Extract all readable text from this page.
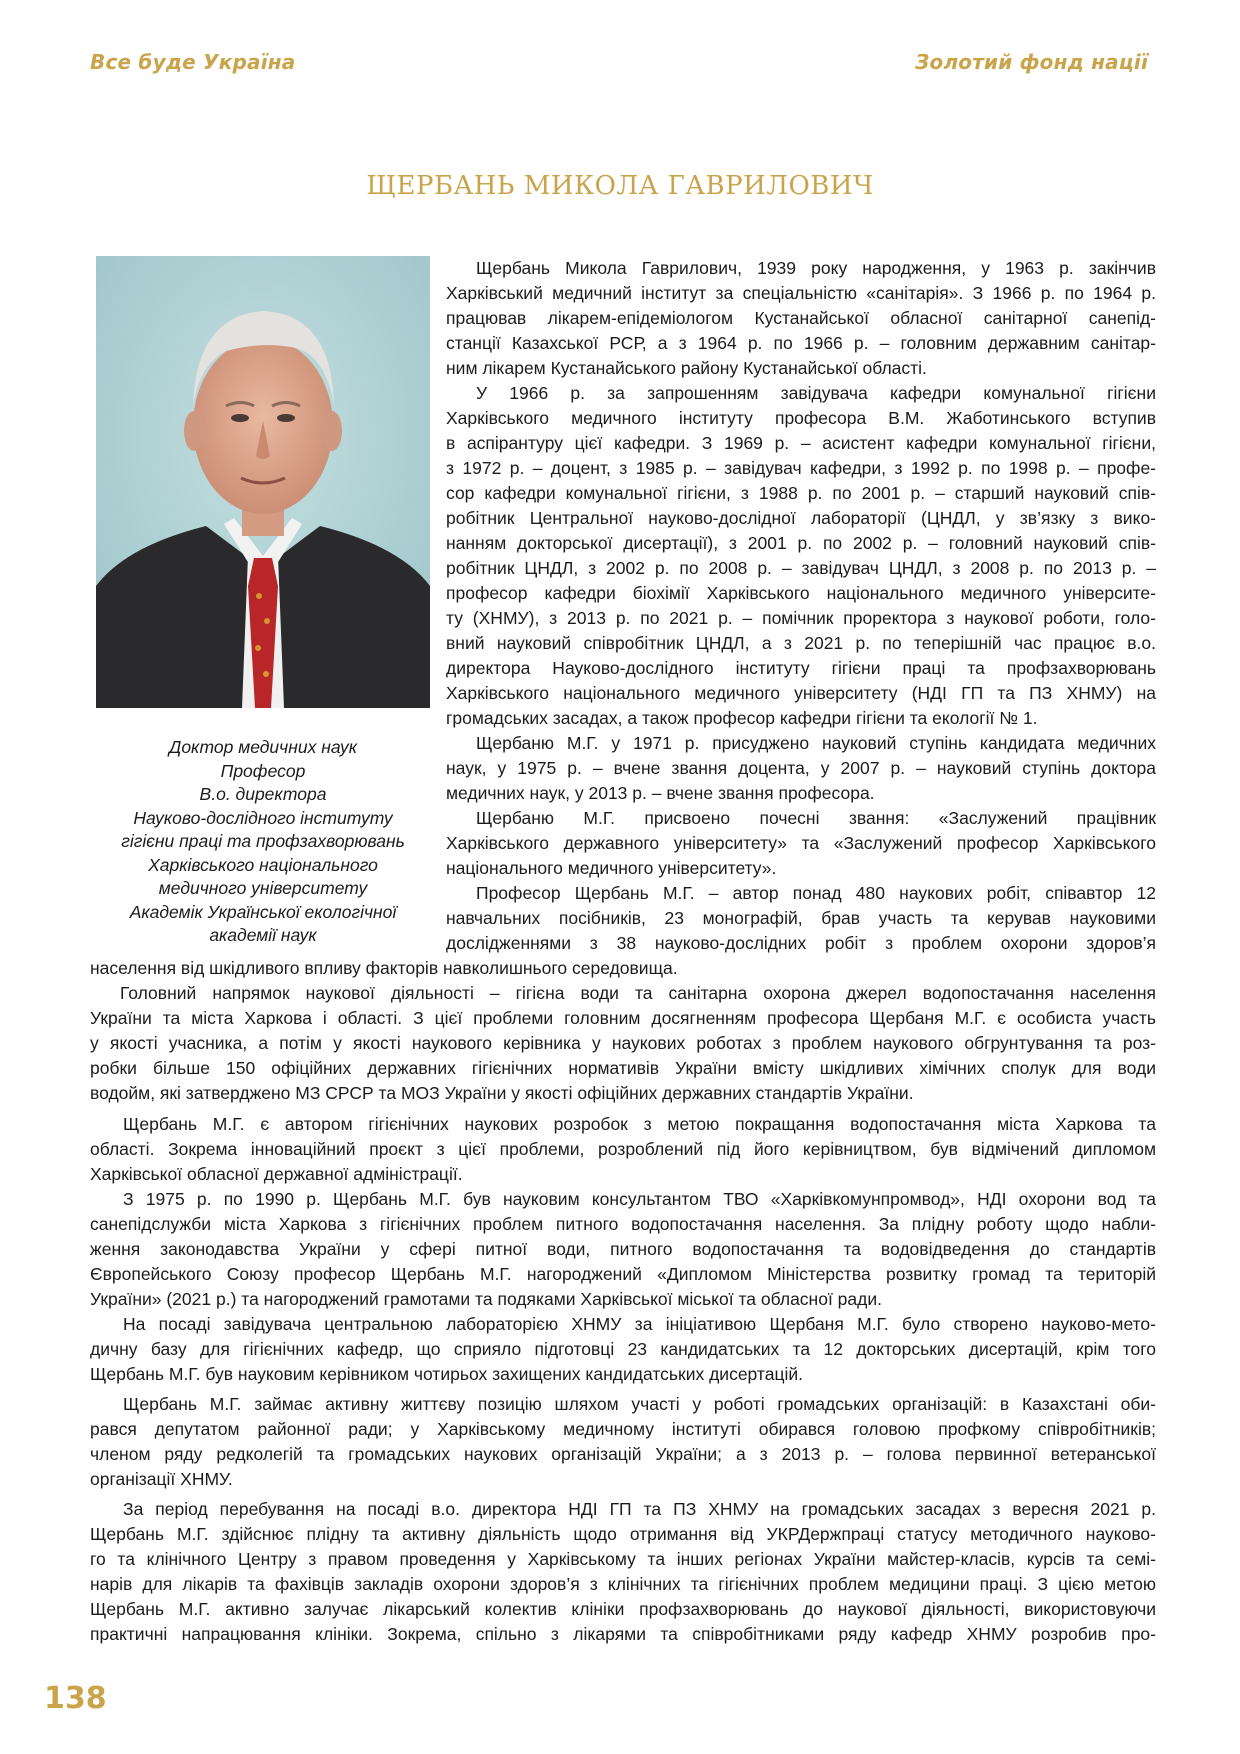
Все буде Україна	Золотий фонд нації
ЩЕРБАНЬ МИКОЛА ГАВРИЛОВИЧ
Доктор медичних наук
Професор
В.о. директора
Науково-дослідного інституту
гігієни праці та профзахворювань
Харківського національного
медичного університету
Академік Української екологічної
академії наук
Щербань Микола Гаврилович, 1939 року народження, у 1963 р. закінчив
Харківський медичний інститут за спеціальністю «санітарія». З 1966 р. по 1964 р.
працював лікарем-епідеміологом Кустанайської обласної санітарної санепід-
станції Казахської РСР, а з 1964 р. по 1966 р. – головним державним санітар-
ним лікарем Кустанайського району Кустанайської області.
У 1966 р. за запрошенням завідувача кафедри комунальної гігієни
Харківського медичного інституту професора В.М. Жаботинського вступив
в аспірантуру цієї кафедри. З 1969 р. – асистент кафедри комунальної гігієни,
з 1972 р. – доцент, з 1985 р. – завідувач кафедри, з 1992 р. по 1998 р. – профе-
сор кафедри комунальної гігієни, з 1988 р. по 2001 р. – старший науковий спів-
робітник Центральної науково-дослідної лабораторії (ЦНДЛ, у зв’язку з вико-
нанням докторської дисертації), з 2001 р. по 2002 р. – головний науковий спів-
робітник ЦНДЛ, з 2002 р. по 2008 р. – завідувач ЦНДЛ, з 2008 р. по 2013 р. –
професор кафедри біохімії Харківського національного медичного університе-
ту (ХНМУ), з 2013 р. по 2021 р. – помічник проректора з наукової роботи, голо-
вний науковий співробітник ЦНДЛ, а з 2021 р. по теперішній час працює в.о.
директора Науково-дослідного інституту гігієни праці та профзахворювань
Харківського національного медичного університету (НДІ ГП та ПЗ ХНМУ) на
громадських засадах, а також професор кафедри гігієни та екології № 1.
Щербаню М.Г. у 1971 р. присуджено науковий ступінь кандидата медичних
наук, у 1975 р. – вчене звання доцента, у 2007 р. – науковий ступінь доктора
медичних наук, у 2013 р. – вчене звання професора.
Щербаню М.Г. присвоено почесні звання: «Заслужений працівник
Харківського державного університету» та «Заслужений професор Харківського
національного медичного університету».
Професор Щербань М.Г. – автор понад 480 наукових робіт, співавтор 12
навчальних посібників, 23 монографій, брав участь та керував науковими
дослідженнями з 38 науково-дослідних робіт з проблем охорони здоров’я
населення від шкідливого впливу факторів навколишнього середовища.
Головний напрямок наукової діяльності – гігієна води та санітарна охорона джерел водопостачання населення
України та міста Харкова і області. З цієї проблеми головним досягненням професора Щербаня М.Г. є особиста участь
у якості учасника, а потім у якості наукового керівника у наукових роботах з проблем наукового обгрунтування та роз-
робки більше 150 офіційних державних гігієнічних нормативів України вмісту шкідливих хімічних сполук для води
водойм, які затверджено МЗ СРСР та МОЗ України у якості офіційних державних стандартів України.
Щербань М.Г. є автором гігієнічних наукових розробок з метою покращання водопостачання міста Харкова та
області. Зокрема інноваційний проєкт з цієї проблеми, розроблений під його керівництвом, був відмічений дипломом
Харківської обласної державної адміністрації.
З 1975 р. по 1990 р. Щербань М.Г. був науковим консультантом ТВО «Харківкомунпромвод», НДІ охорони вод та
санепідслужби міста Харкова з гігієнічних проблем питного водопостачання населення. За плідну роботу щодо набли-
ження законодавства України у сфері питної води, питного водопостачання та водовідведення до стандартів
Європейського Союзу професор Щербань М.Г. нагороджений «Дипломом Міністерства розвитку громад та територій
України» (2021 р.) та нагороджений грамотами та подяками Харківської міської та обласної ради.
На посаді завідувача центральною лабораторією ХНМУ за ініціативою Щербаня М.Г. було створено науково-мето-
дичну базу для гігієнічних кафедр, що сприяло підготовці 23 кандидатських та 12 докторських дисертацій, крім того
Щербань М.Г. був науковим керівником чотирьох захищених кандидатських дисертацій.
Щербань М.Г. займає активну життєву позицію шляхом участі у роботі громадських організацій: в Казахстані оби-
рався депутатом районної ради; у Харківському медичному інституті обирався головою профкому співробітників;
членом ряду редколегій та громадських наукових організацій України; а з 2013 р. – голова первинної ветеранської
організації ХНМУ.
За період перебування на посаді в.о. директора НДІ ГП та ПЗ ХНМУ на громадських засадах з вересня 2021 р.
Щербань М.Г. здійснює плідну та активну діяльність щодо отримання від УКРДержпраці статусу методичного науково-
го та клінічного Центру з правом проведення у Харківському та інших регіонах України майстер-класів, курсів та семі-
нарів для лікарів та фахівців закладів охорони здоров’я з клінічних та гігієнічних проблем медицини праці. З цією метою
Щербань М.Г. активно залучає лікарський колектив клініки профзахворювань до наукової діяльності, використовуючи
практичні напрацювання клініки. Зокрема, спільно з лікарями та співробітниками ряду кафедр ХНМУ розробив про-
138
